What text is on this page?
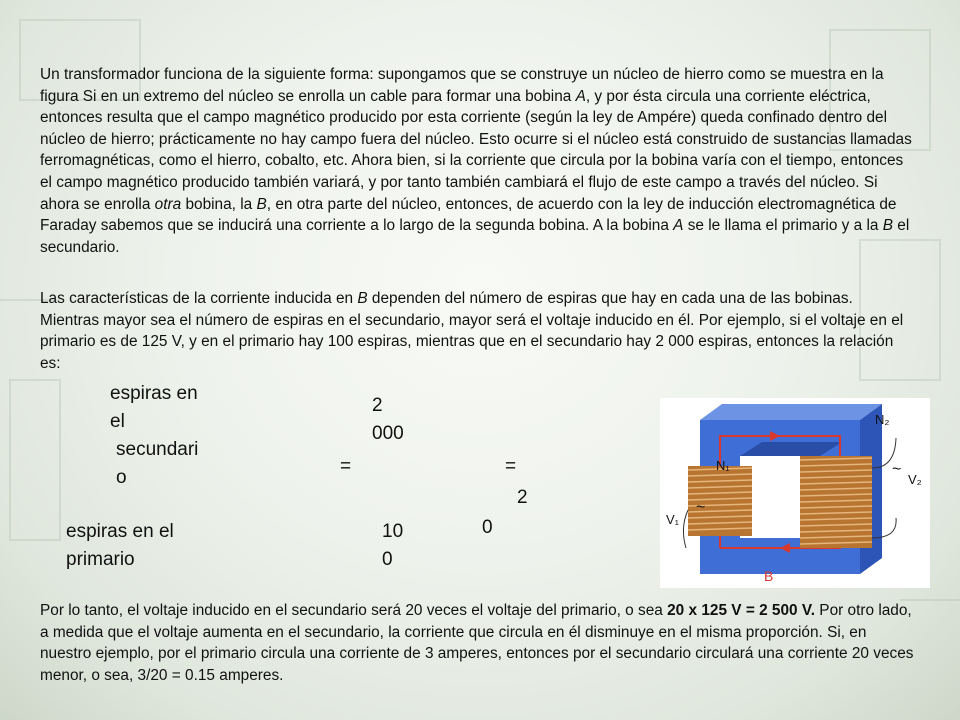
Un transformador funciona de la siguiente forma: supongamos que se construye un núcleo de hierro como se muestra en la figura Si en un extremo del núcleo se enrolla un cable para formar una bobina A, y por ésta circula una corriente eléctrica, entonces resulta que el campo magnético producido por esta corriente (según la ley de Ampére) queda confinado dentro del núcleo de hierro; prácticamente no hay campo fuera del núcleo. Esto ocurre si el núcleo está construido de sustancias llamadas ferromagnéticas, como el hierro, cobalto, etc. Ahora bien, si la corriente que circula por la bobina varía con el tiempo, entonces el campo magnético producido también variará, y por tanto también cambiará el flujo de este campo a través del núcleo. Si ahora se enrolla otra bobina, la B, en otra parte del núcleo, entonces, de acuerdo con la ley de inducción electromagnética de Faraday sabemos que se inducirá una corriente a lo largo de la segunda bobina. A la bobina A se le llama el primario y a la B el secundario.

Las características de la corriente inducida en B dependen del número de espiras que hay en cada una de las bobinas. Mientras mayor sea el número de espiras en el secundario, mayor será el voltaje inducido en él. Por ejemplo, si el voltaje en el primario es de 125 V, y en el primario hay 100 espiras, mientras que en el secundario hay 2 000 espiras, entonces la relación es:

espiras en
el
secundari
o
espiras en el
primario
2
000
10
0
=	=
2
0
N₂
N₁
V₂
~
V₁
~
B

Por lo tanto, el voltaje inducido en el secundario será 20 veces el voltaje del primario, o sea 20 x 125 V = 2 500 V. Por otro lado, a medida que el voltaje aumenta en el secundario, la corriente que circula en él disminuye en el misma proporción. Si, en nuestro ejemplo, por el primario circula una corriente de 3 amperes, entonces por el secundario circulará una corriente 20 veces menor, o sea, 3/20 = 0.15 amperes.
